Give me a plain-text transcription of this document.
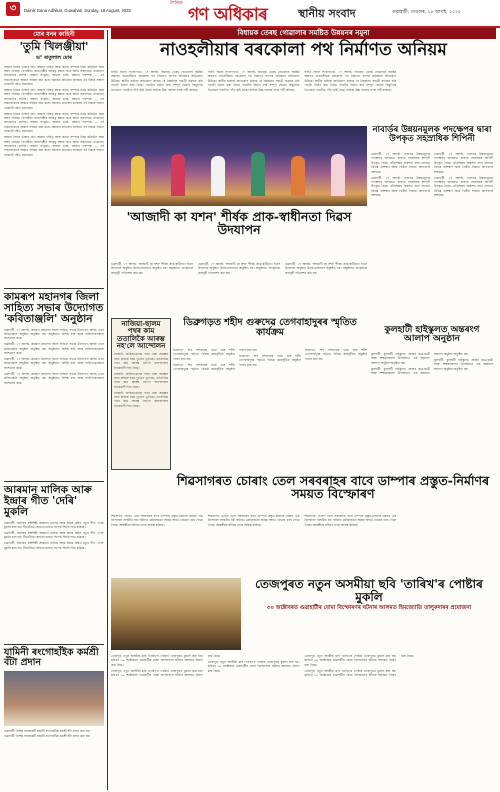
৩	Dainik Gana Adhikar, Guwahati, Sunday, 18 August, 2025
দৈনিক
গণ অধিকাৰ	স্থানীয় সংবাদ	গুৱাহাটী, দেওবাৰ, ১৮ আগষ্ট, ২০২৫
মোৰ মনৰ কাহিনী
'তুমি খিলঞ্জীয়া'
ড° ৰাতুলাল মোৰ

আমাৰ নিজৰ ভাষাৰ প্ৰতি আমাৰ দায়িত্ব আৰু কৰ্তব্য সম্পৰ্কে চিন্তা কৰিবলৈ সময় আহি পৰিছে। খিলঞ্জীয়া জনগোষ্ঠীৰ অস্তিত্ব ৰক্ষাৰ বাবে আমি সকলোৱে একেলগে আগবাঢ়িব লাগিব। আমাৰ সংস্কৃতি, আমাৰ ভাষা, আমাৰ পৰম্পৰা — এই সকলোবোৰে আমাৰ পৰিচয় বহন কৰে। সমাজৰ প্ৰতিজন ব্যক্তিয়ে এই বিষয়ে সজাগ হোৱাটো অতি প্ৰয়োজন।

আমাৰ নিজৰ ভাষাৰ প্ৰতি আমাৰ দায়িত্ব আৰু কৰ্তব্য সম্পৰ্কে চিন্তা কৰিবলৈ সময় আহি পৰিছে। খিলঞ্জীয়া জনগোষ্ঠীৰ অস্তিত্ব ৰক্ষাৰ বাবে আমি সকলোৱে একেলগে আগবাঢ়িব লাগিব। আমাৰ সংস্কৃতি, আমাৰ ভাষা, আমাৰ পৰম্পৰা — এই সকলোবোৰে আমাৰ পৰিচয় বহন কৰে। সমাজৰ প্ৰতিজন ব্যক্তিয়ে এই বিষয়ে সজাগ হোৱাটো অতি প্ৰয়োজন।

আমাৰ নিজৰ ভাষাৰ প্ৰতি আমাৰ দায়িত্ব আৰু কৰ্তব্য সম্পৰ্কে চিন্তা কৰিবলৈ সময় আহি পৰিছে। খিলঞ্জীয়া জনগোষ্ঠীৰ অস্তিত্ব ৰক্ষাৰ বাবে আমি সকলোৱে একেলগে আগবাঢ়িব লাগিব। আমাৰ সংস্কৃতি, আমাৰ ভাষা, আমাৰ পৰম্পৰা — এই সকলোবোৰে আমাৰ পৰিচয় বহন কৰে। সমাজৰ প্ৰতিজন ব্যক্তিয়ে এই বিষয়ে সজাগ হোৱাটো অতি প্ৰয়োজন।

আমাৰ নিজৰ ভাষাৰ প্ৰতি আমাৰ দায়িত্ব আৰু কৰ্তব্য সম্পৰ্কে চিন্তা কৰিবলৈ সময় আহি পৰিছে। খিলঞ্জীয়া জনগোষ্ঠীৰ অস্তিত্ব ৰক্ষাৰ বাবে আমি সকলোৱে একেলগে আগবাঢ়িব লাগিব। আমাৰ সংস্কৃতি, আমাৰ ভাষা, আমাৰ পৰম্পৰা — এই সকলোবোৰে আমাৰ পৰিচয় বহন কৰে। সমাজৰ প্ৰতিজন ব্যক্তিয়ে এই বিষয়ে সজাগ হোৱাটো অতি প্ৰয়োজন।

কামৰূপ মহানগৰ জিলা সাহিত্য সভাৰ উদ্যোগত 'কবিতাঞ্জলি' অনুষ্ঠান

গুৱাহাটী, ১৭ আগষ্ট: কামৰূপ মহানগৰ জিলা সাহিত্য সভাৰ উদ্যোগত আজি এখন কবিতাঞ্জলি অনুষ্ঠান অনুষ্ঠিত হয়। অনুষ্ঠানত বিশিষ্ট কবি আৰু সাহিত্যিকসকলে অংশগ্ৰহণ কৰে।

গুৱাহাটী, ১৭ আগষ্ট: কামৰূপ মহানগৰ জিলা সাহিত্য সভাৰ উদ্যোগত আজি এখন কবিতাঞ্জলি অনুষ্ঠান অনুষ্ঠিত হয়। অনুষ্ঠানত বিশিষ্ট কবি আৰু সাহিত্যিকসকলে অংশগ্ৰহণ কৰে।

গুৱাহাটী, ১৭ আগষ্ট: কামৰূপ মহানগৰ জিলা সাহিত্য সভাৰ উদ্যোগত আজি এখন কবিতাঞ্জলি অনুষ্ঠান অনুষ্ঠিত হয়। অনুষ্ঠানত বিশিষ্ট কবি আৰু সাহিত্যিকসকলে অংশগ্ৰহণ কৰে।

গুৱাহাটী, ১৭ আগষ্ট: কামৰূপ মহানগৰ জিলা সাহিত্য সভাৰ উদ্যোগত আজি এখন কবিতাঞ্জলি অনুষ্ঠান অনুষ্ঠিত হয়। অনুষ্ঠানত বিশিষ্ট কবি আৰু সাহিত্যিকসকলে অংশগ্ৰহণ কৰে।

আৰমান মালিক আৰু ইন্দ্ৰাৰ গীত 'দেৰি' মুকলি

গুৱাহাটী: জনপ্ৰিয় কণ্ঠশিল্পী আৰমান মালিক আৰু ইন্দ্ৰাৰ কণ্ঠত নতুন গীত 'দেৰি' মুকলি কৰা হয়। গীতটোৱে শ্ৰোতাৰ মাজত ব্যাপক সঁহাৰি লাভ কৰিছে।

গুৱাহাটী: জনপ্ৰিয় কণ্ঠশিল্পী আৰমান মালিক আৰু ইন্দ্ৰাৰ কণ্ঠত নতুন গীত 'দেৰি' মুকলি কৰা হয়। গীতটোৱে শ্ৰোতাৰ মাজত ব্যাপক সঁহাৰি লাভ কৰিছে।

গুৱাহাটী: জনপ্ৰিয় কণ্ঠশিল্পী আৰমান মালিক আৰু ইন্দ্ৰাৰ কণ্ঠত নতুন গীত 'দেৰি' মুকলি কৰা হয়। গীতটোৱে শ্ৰোতাৰ মাজত ব্যাপক সঁহাৰি লাভ কৰিছে।

যামিনী ৰংগোহাঁইক কৰ্মশ্ৰী বঁটা প্ৰদান

গুৱাহাটী: বিশিষ্ট সমাজকৰ্মী যামিনী ৰংগোহাঁইক কৰ্মশ্ৰী বঁটা প্ৰদান কৰা হয়।

গুৱাহাটী: বিশিষ্ট সমাজকৰ্মী যামিনী ৰংগোহাঁইক কৰ্মশ্ৰী বঁটা প্ৰদান কৰা হয়।

বিধায়ক তেৰছ গোৱালাৰ সমষ্টিত উন্নয়নৰ নমুনা
নাওহলীয়াৰ বৰকোলা পথ নিৰ্মাণত অনিয়ম

নগাঁও জিলা সংবাদদাতা, ১৭ আগষ্ট: বিধায়ক তেৰছ গোৱালাৰ সমষ্টিৰ অন্তৰ্গত নাওহলীয়াৰ বৰকোলা পথ নিৰ্মাণত ব্যাপক অনিয়মৰ অভিযোগ উঠিছে। স্থানীয় ৰাইজে অভিযোগ কৰিছে যে নিম্নমানৰ সামগ্ৰী ব্যৱহাৰ কৰি পথটো নিৰ্মাণ কৰা হৈছে। পথটোৰ নিৰ্মাণ কাৰ্য সম্পূৰ্ণ হোৱাৰ কিছুদিনৰ ভিতৰতে পথটোত গাঁত সৃষ্টি হৈছে। ৰাইজে উচ্চ পৰ্যায়ৰ তদন্ত দাবী কৰিছে।

নগাঁও জিলা সংবাদদাতা, ১৭ আগষ্ট: বিধায়ক তেৰছ গোৱালাৰ সমষ্টিৰ অন্তৰ্গত নাওহলীয়াৰ বৰকোলা পথ নিৰ্মাণত ব্যাপক অনিয়মৰ অভিযোগ উঠিছে। স্থানীয় ৰাইজে অভিযোগ কৰিছে যে নিম্নমানৰ সামগ্ৰী ব্যৱহাৰ কৰি পথটো নিৰ্মাণ কৰা হৈছে। পথটোৰ নিৰ্মাণ কাৰ্য সম্পূৰ্ণ হোৱাৰ কিছুদিনৰ ভিতৰতে পথটোত গাঁত সৃষ্টি হৈছে। ৰাইজে উচ্চ পৰ্যায়ৰ তদন্ত দাবী কৰিছে।

নগাঁও জিলা সংবাদদাতা, ১৭ আগষ্ট: বিধায়ক তেৰছ গোৱালাৰ সমষ্টিৰ অন্তৰ্গত নাওহলীয়াৰ বৰকোলা পথ নিৰ্মাণত ব্যাপক অনিয়মৰ অভিযোগ উঠিছে। স্থানীয় ৰাইজে অভিযোগ কৰিছে যে নিম্নমানৰ সামগ্ৰী ব্যৱহাৰ কৰি পথটো নিৰ্মাণ কৰা হৈছে। পথটোৰ নিৰ্মাণ কাৰ্য সম্পূৰ্ণ হোৱাৰ কিছুদিনৰ ভিতৰতে পথটোত গাঁত সৃষ্টি হৈছে। ৰাইজে উচ্চ পৰ্যায়ৰ তদন্ত দাবী কৰিছে।

'আজাদী কা যশন' শীৰ্ষক প্ৰাক-স্বাধীনতা দিৱস উদযাপন

গুৱাহাটী, ১৭ আগষ্ট: 'আজাদী কা যশন' শীৰ্ষক প্ৰাক-স্বাধীনতা দিৱস উদযাপন অনুষ্ঠান উলহ-মালহেৰে অনুষ্ঠিত হয়। অনুষ্ঠানত সাংস্কৃতিক কাৰ্যসূচী পৰিবেশন কৰা হয়।

গুৱাহাটী, ১৭ আগষ্ট: 'আজাদী কা যশন' শীৰ্ষক প্ৰাক-স্বাধীনতা দিৱস উদযাপন অনুষ্ঠান উলহ-মালহেৰে অনুষ্ঠিত হয়। অনুষ্ঠানত সাংস্কৃতিক কাৰ্যসূচী পৰিবেশন কৰা হয়।

গুৱাহাটী, ১৭ আগষ্ট: 'আজাদী কা যশন' শীৰ্ষক প্ৰাক-স্বাধীনতা দিৱস উদযাপন অনুষ্ঠান উলহ-মালহেৰে অনুষ্ঠিত হয়। অনুষ্ঠানত সাংস্কৃতিক কাৰ্যসূচী পৰিবেশন কৰা হয়।

নাবাৰ্ডৰ উন্নয়নমুলক পদক্ষেপৰ দ্বাৰা উপকৃত সহস্ৰাধিক শিপিনী

গুৱাহাটী, ১৭ আগষ্ট: নাবাৰ্ডৰ উন্নয়নমুলক পদক্ষেপৰ জৰিয়তে ৰাজ্যৰ সহস্ৰাধিক শিপিনী উপকৃত হৈছে। তাঁতশিল্পৰ বিকাশৰ বাবে নাবাৰ্ডে বিভিন্ন প্ৰশিক্ষণ আৰু বিত্তীয় সাহায্য আগবঢ়াই আহিছে।

গুৱাহাটী, ১৭ আগষ্ট: নাবাৰ্ডৰ উন্নয়নমুলক পদক্ষেপৰ জৰিয়তে ৰাজ্যৰ সহস্ৰাধিক শিপিনী উপকৃত হৈছে। তাঁতশিল্পৰ বিকাশৰ বাবে নাবাৰ্ডে বিভিন্ন প্ৰশিক্ষণ আৰু বিত্তীয় সাহায্য আগবঢ়াই আহিছে।

গুৱাহাটী, ১৭ আগষ্ট: নাবাৰ্ডৰ উন্নয়নমুলক পদক্ষেপৰ জৰিয়তে ৰাজ্যৰ সহস্ৰাধিক শিপিনী উপকৃত হৈছে। তাঁতশিল্পৰ বিকাশৰ বাবে নাবাৰ্ডে বিভিন্ন প্ৰশিক্ষণ আৰু বিত্তীয় সাহায্য আগবঢ়াই আহিছে।

গুৱাহাটী, ১৭ আগষ্ট: নাবাৰ্ডৰ উন্নয়নমুলক পদক্ষেপৰ জৰিয়তে ৰাজ্যৰ সহস্ৰাধিক শিপিনী উপকৃত হৈছে। তাঁতশিল্পৰ বিকাশৰ বাবে নাবাৰ্ডে বিভিন্ন প্ৰশিক্ষণ আৰু বিত্তীয় সাহায্য আগবঢ়াই আহিছে।

নাজিয়া-ছালম পথৰ কাম ততালিকৈ আৰম্ভ নহ'লে আন্দোলন

হোজাই: নাজিয়া-ছালম পথৰ বেয়া অৱস্থাৰ বাবে ৰাইজে চৰম দুৰ্ভোগ ভুগিছে। ততালিকৈ পথৰ কাম আৰম্ভ নহ'লে আন্দোলনৰ সতৰ্কবাণী দিয়া হৈছে।

হোজাই: নাজিয়া-ছালম পথৰ বেয়া অৱস্থাৰ বাবে ৰাইজে চৰম দুৰ্ভোগ ভুগিছে। ততালিকৈ পথৰ কাম আৰম্ভ নহ'লে আন্দোলনৰ সতৰ্কবাণী দিয়া হৈছে।

হোজাই: নাজিয়া-ছালম পথৰ বেয়া অৱস্থাৰ বাবে ৰাইজে চৰম দুৰ্ভোগ ভুগিছে। ততালিকৈ পথৰ কাম আৰম্ভ নহ'লে আন্দোলনৰ সতৰ্কবাণী দিয়া হৈছে।

ডিব্ৰুগড়ত শহীদ গুৰুদেৱ তেগবাহাদুৰৰ স্মৃতিত কাৰ্যক্ৰম

ডিব্ৰুগড়: শিখ সম্প্ৰদায়ৰ নৱম গুৰু শহীদ তেগবাহাদুৰৰ স্মৃতিত বিভিন্ন কাৰ্যসূচীৰে অনুষ্ঠান পালন কৰা হয়।

ডিব্ৰুগড়: শিখ সম্প্ৰদায়ৰ নৱম গুৰু শহীদ তেগবাহাদুৰৰ স্মৃতিত বিভিন্ন কাৰ্যসূচীৰে অনুষ্ঠান পালন কৰা হয়।

ডিব্ৰুগড়: শিখ সম্প্ৰদায়ৰ নৱম গুৰু শহীদ তেগবাহাদুৰৰ স্মৃতিত বিভিন্ন কাৰ্যসূচীৰে অনুষ্ঠান পালন কৰা হয়।

ডিব্ৰুগড়: শিখ সম্প্ৰদায়ৰ নৱম গুৰু শহীদ তেগবাহাদুৰৰ স্মৃতিত বিভিন্ন কাৰ্যসূচীৰে অনুষ্ঠান পালন কৰা হয়।

কুলহাটী হাইস্কুলত অন্তৰংগ আলাপ অনুষ্ঠান

কুলহাটী: কুলহাটী হাইস্কুলত প্ৰাক্তন ছাত্ৰ-ছাত্ৰী আৰু শিক্ষকসকলৰ উপস্থিতিত এক অন্তৰংগ আলাপ অনুষ্ঠান অনুষ্ঠিত হয়।

কুলহাটী: কুলহাটী হাইস্কুলত প্ৰাক্তন ছাত্ৰ-ছাত্ৰী আৰু শিক্ষকসকলৰ উপস্থিতিত এক অন্তৰংগ আলাপ অনুষ্ঠান অনুষ্ঠিত হয়।

কুলহাটী: কুলহাটী হাইস্কুলত প্ৰাক্তন ছাত্ৰ-ছাত্ৰী আৰু শিক্ষকসকলৰ উপস্থিতিত এক অন্তৰংগ আলাপ অনুষ্ঠান অনুষ্ঠিত হয়।

শিৱসাগৰত চোৰাং তেল সৰবৰাহৰ বাবে ডাম্পাৰ প্ৰস্তুত-নিৰ্মাণৰ সময়ত বিস্ফোৰণ

শিৱসাগৰ: চোৰাং তেল সৰবৰাহৰ বাবে ডাম্পাৰ প্ৰস্তুত-নিৰ্মাণৰ সময়ত এক বিস্ফোৰণ সংঘটিত হয়। ঘটনাত কেইবাজনো শ্ৰমিক আহত হোৱাৰ খবৰ পোৱা গৈছে। আৰক্ষীয়ে ঘটনাৰ তদন্ত আৰম্ভ কৰিছে।

শিৱসাগৰ: চোৰাং তেল সৰবৰাহৰ বাবে ডাম্পাৰ প্ৰস্তুত-নিৰ্মাণৰ সময়ত এক বিস্ফোৰণ সংঘটিত হয়। ঘটনাত কেইবাজনো শ্ৰমিক আহত হোৱাৰ খবৰ পোৱা গৈছে। আৰক্ষীয়ে ঘটনাৰ তদন্ত আৰম্ভ কৰিছে।

শিৱসাগৰ: চোৰাং তেল সৰবৰাহৰ বাবে ডাম্পাৰ প্ৰস্তুত-নিৰ্মাণৰ সময়ত এক বিস্ফোৰণ সংঘটিত হয়। ঘটনাত কেইবাজনো শ্ৰমিক আহত হোৱাৰ খবৰ পোৱা গৈছে। আৰক্ষীয়ে ঘটনাৰ তদন্ত আৰম্ভ কৰিছে।

তেজপুৰত নতুন অসমীয়া ছবি 'তাৰিখ'ৰ পোষ্টাৰ মুকলি
৩০ অক্টোবৰত গুৱাহাটীৰ বোমা বিস্ফোৰণৰ ঘটনাৰ আলমত হিমজ্যোতি তালুকদাৰৰ প্ৰযোজনা

তেজপুৰ: নতুন অসমীয়া ছবি 'তাৰিখ'ৰ পোষ্টাৰ তেজপুৰত মুকলি কৰা হয়। ছবিখন ৩০ অক্টোবৰৰ গুৱাহাটীৰ বোমা বিস্ফোৰণৰ ঘটনাৰ আলমত নিৰ্মাণ কৰা হৈছে।

তেজপুৰ: নতুন অসমীয়া ছবি 'তাৰিখ'ৰ পোষ্টাৰ তেজপুৰত মুকলি কৰা হয়। ছবিখন ৩০ অক্টোবৰৰ গুৱাহাটীৰ বোমা বিস্ফোৰণৰ ঘটনাৰ আলমত নিৰ্মাণ কৰা হৈছে।

তেজপুৰ: নতুন অসমীয়া ছবি 'তাৰিখ'ৰ পোষ্টাৰ তেজপুৰত মুকলি কৰা হয়। ছবিখন ৩০ অক্টোবৰৰ গুৱাহাটীৰ বোমা বিস্ফোৰণৰ ঘটনাৰ আলমত নিৰ্মাণ কৰা হৈছে।

তেজপুৰ: নতুন অসমীয়া ছবি 'তাৰিখ'ৰ পোষ্টাৰ তেজপুৰত মুকলি কৰা হয়। ছবিখন ৩০ অক্টোবৰৰ গুৱাহাটীৰ বোমা বিস্ফোৰণৰ ঘটনাৰ আলমত নিৰ্মাণ কৰা হৈছে।

তেজপুৰ: নতুন অসমীয়া ছবি 'তাৰিখ'ৰ পোষ্টাৰ তেজপুৰত মুকলি কৰা হয়। ছবিখন ৩০ অক্টোবৰৰ গুৱাহাটীৰ বোমা বিস্ফোৰণৰ ঘটনাৰ আলমত নিৰ্মাণ কৰা হৈছে।
